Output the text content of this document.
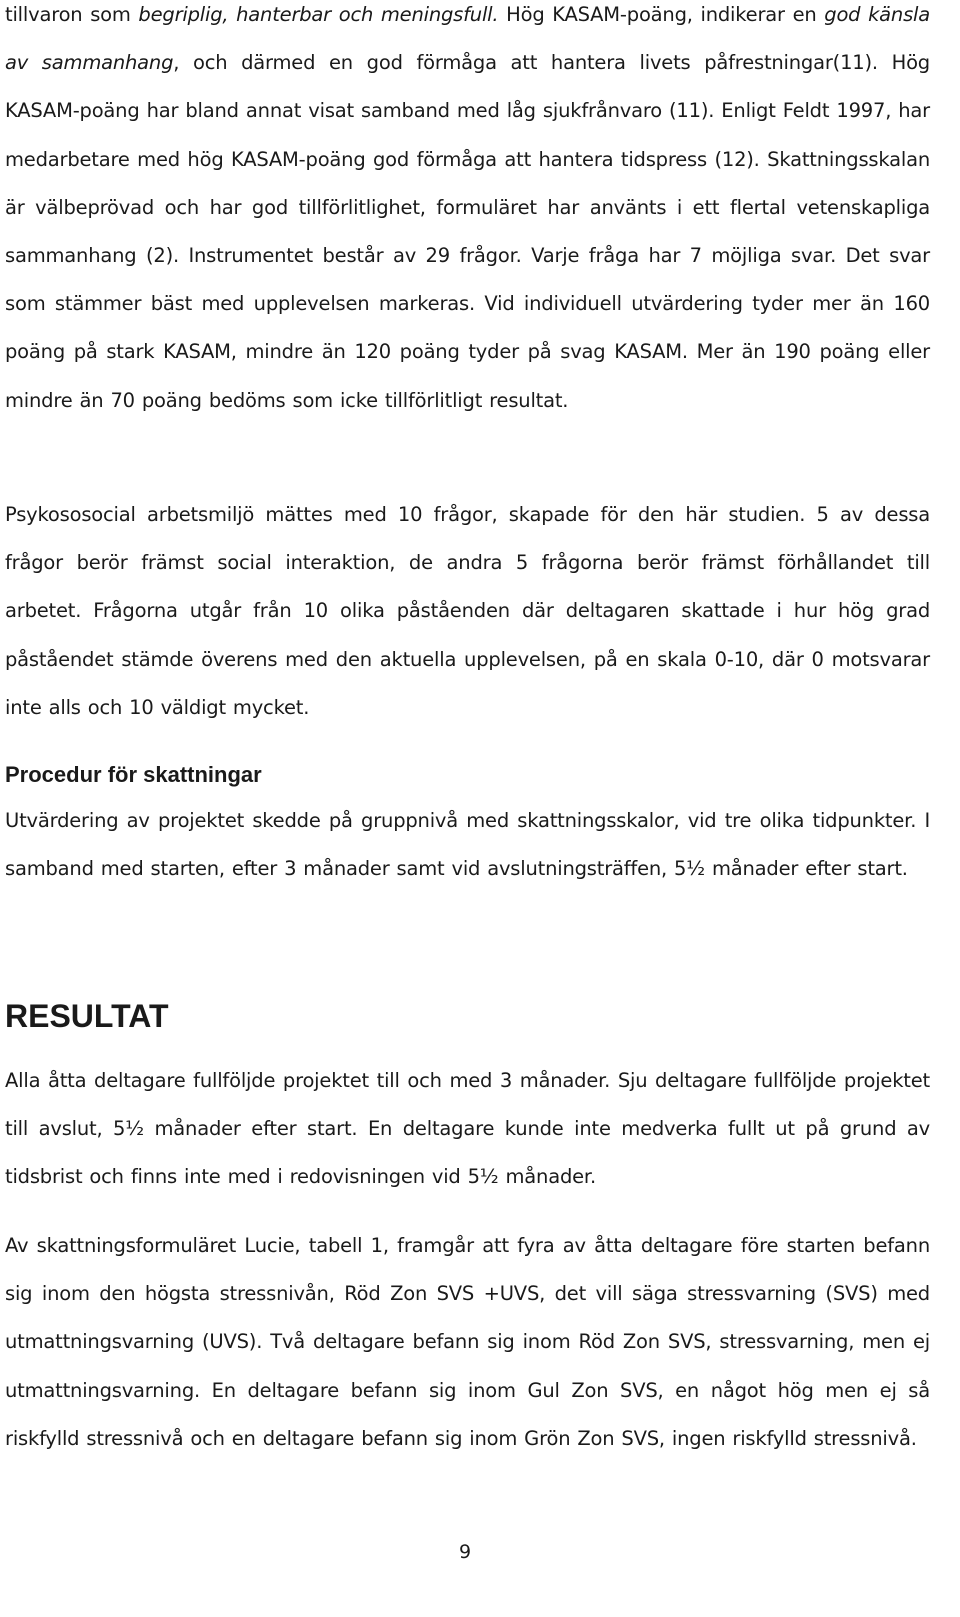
tillvaron som begriplig, hanterbar och meningsfull. Hög KASAM-poäng, indikerar en god känsla av sammanhang, och därmed en god förmåga att hantera livets påfrestningar(11). Hög KASAM-poäng har bland annat visat samband med låg sjukfrånvaro (11). Enligt Feldt 1997, har medarbetare med hög KASAM-poäng god förmåga att hantera tidspress (12). Skattningsskalan är välbeprövad och har god tillförlitlighet, formuläret har använts i ett flertal vetenskapliga sammanhang (2). Instrumentet består av 29 frågor. Varje fråga har 7 möjliga svar. Det svar som stämmer bäst med upplevelsen markeras. Vid individuell utvärdering tyder mer än 160 poäng på stark KASAM, mindre än 120 poäng tyder på svag KASAM. Mer än 190 poäng eller mindre än 70 poäng bedöms som icke tillförlitligt resultat.

Psykososocial arbetsmiljö mättes med 10 frågor, skapade för den här studien. 5 av dessa frågor berör främst social interaktion, de andra 5 frågorna berör främst förhållandet till arbetet. Frågorna utgår från 10 olika påståenden där deltagaren skattade i hur hög grad påståendet stämde överens med den aktuella upplevelsen, på en skala 0-10, där 0 motsvarar inte alls och 10 väldigt mycket.

Procedur för skattningar

Utvärdering av projektet skedde på gruppnivå med skattningsskalor, vid tre olika tidpunkter. I samband med starten, efter 3 månader samt vid avslutningsträffen, 5½ månader efter start.

RESULTAT

Alla åtta deltagare fullföljde projektet till och med 3 månader. Sju deltagare fullföljde projektet till avslut, 5½ månader efter start. En deltagare kunde inte medverka fullt ut på grund av tidsbrist och finns inte med i redovisningen vid 5½ månader.

Av skattningsformuläret Lucie, tabell 1, framgår att fyra av åtta deltagare före starten befann sig inom den högsta stressnivån, Röd Zon SVS +UVS, det vill säga stressvarning (SVS) med utmattningsvarning (UVS). Två deltagare befann sig inom Röd Zon SVS, stressvarning, men ej utmattningsvarning. En deltagare befann sig inom Gul Zon SVS, en något hög men ej så riskfylld stressnivå och en deltagare befann sig inom Grön Zon SVS, ingen riskfylld stressnivå.

9
